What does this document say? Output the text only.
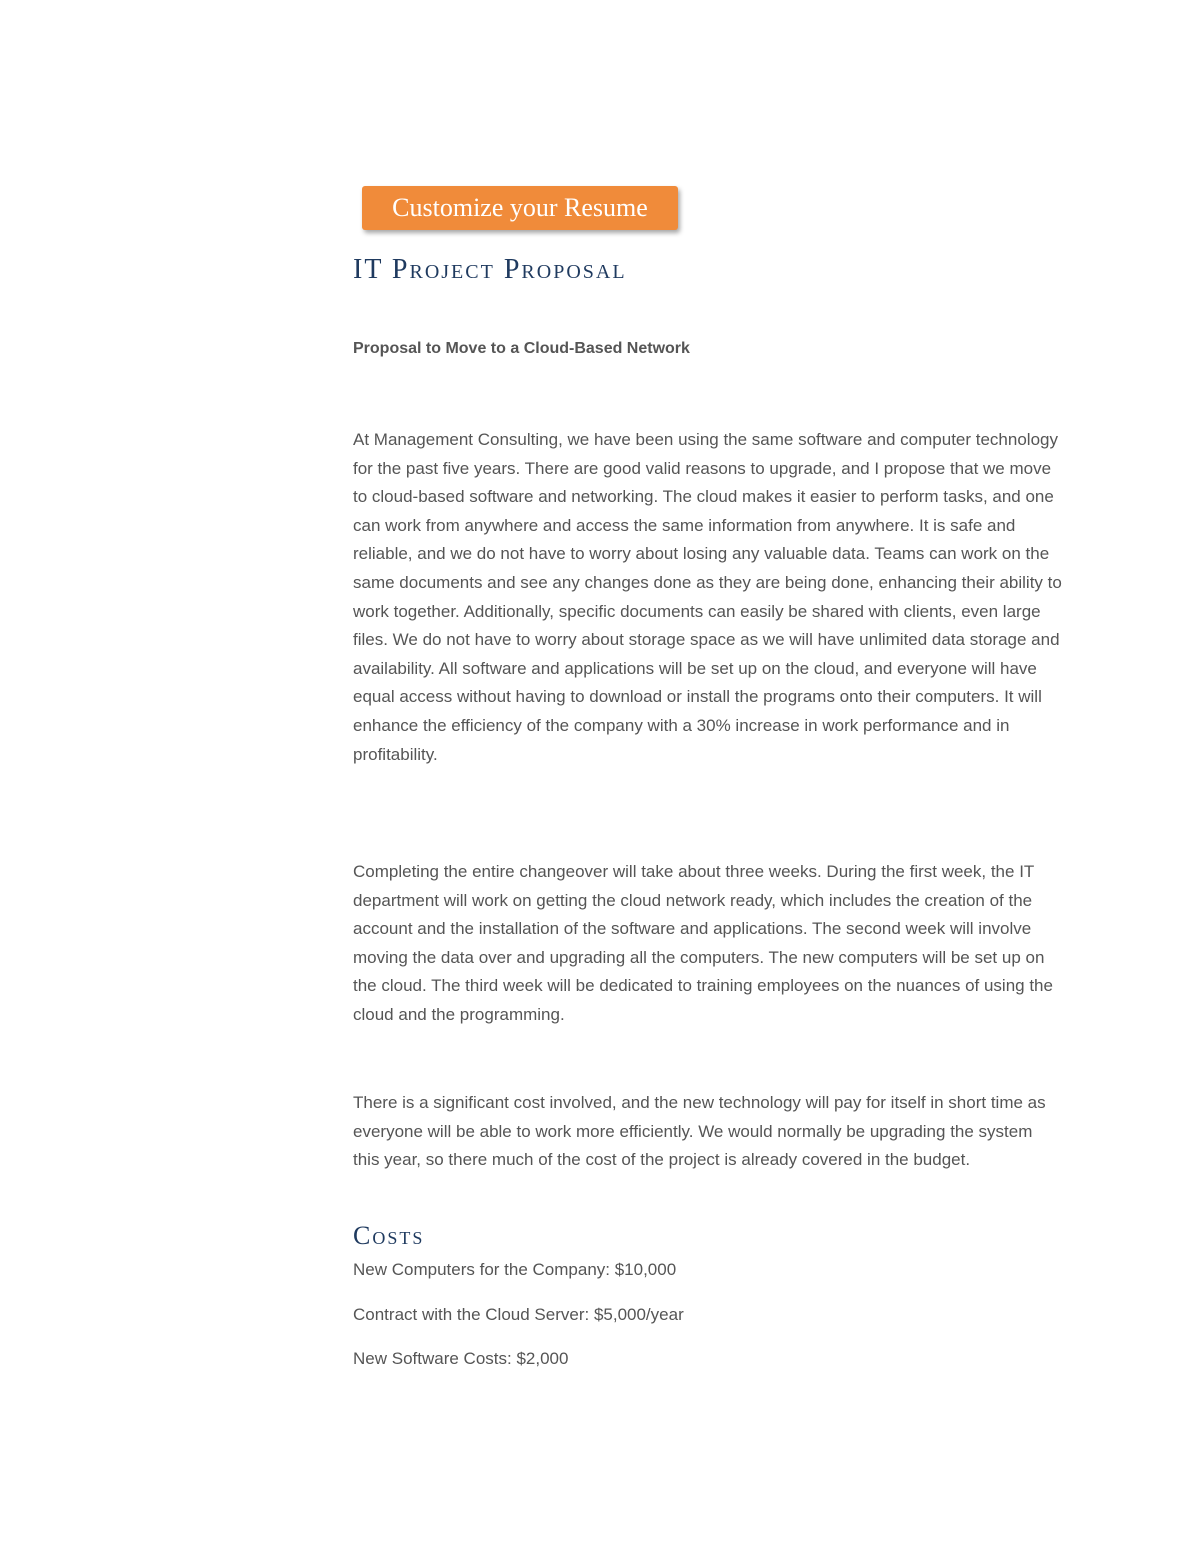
Customize your Resume
IT Project Proposal

Proposal to Move to a Cloud-Based Network

At Management Consulting, we have been using the same software and computer technology for the past five years. There are good valid reasons to upgrade, and I propose that we move to cloud-based software and networking. The cloud makes it easier to perform tasks, and one can work from anywhere and access the same information from anywhere. It is safe and reliable, and we do not have to worry about losing any valuable data. Teams can work on the same documents and see any changes done as they are being done, enhancing their ability to work together. Additionally, specific documents can easily be shared with clients, even large files. We do not have to worry about storage space as we will have unlimited data storage and availability. All software and applications will be set up on the cloud, and everyone will have equal access without having to download or install the programs onto their computers. It will enhance the efficiency of the company with a 30% increase in work performance and in profitability.

Completing the entire changeover will take about three weeks. During the first week, the IT department will work on getting the cloud network ready, which includes the creation of the account and the installation of the software and applications. The second week will involve moving the data over and upgrading all the computers. The new computers will be set up on the cloud. The third week will be dedicated to training employees on the nuances of using the cloud and the programming.

There is a significant cost involved, and the new technology will pay for itself in short time as everyone will be able to work more efficiently. We would normally be upgrading the system this year, so there much of the cost of the project is already covered in the budget.

Costs

New Computers for the Company: $10,000

Contract with the Cloud Server: $5,000/year

New Software Costs: $2,000
